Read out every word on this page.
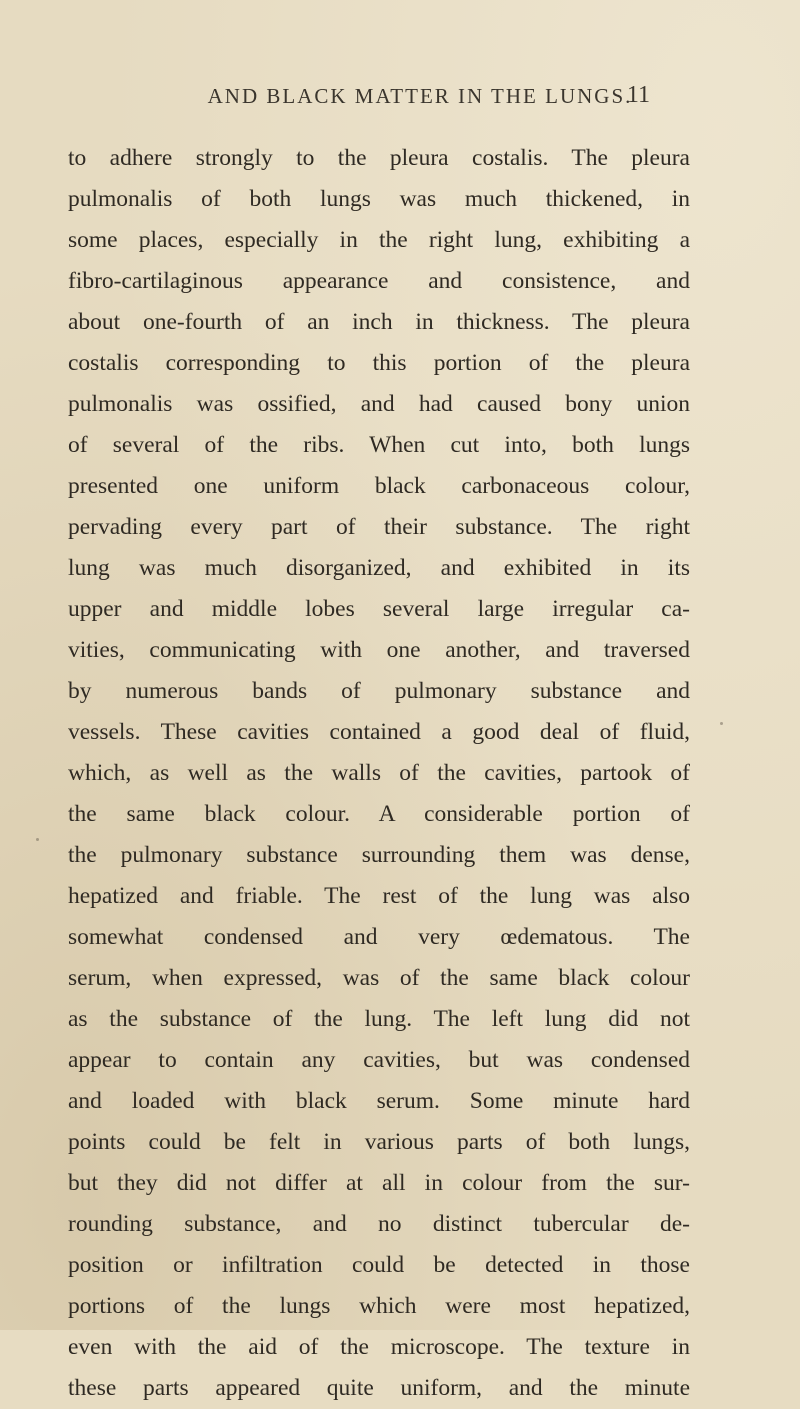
AND BLACK MATTER IN THE LUNGS.
11
to adhere strongly to the pleura costalis. The pleura
pulmonalis of both lungs was much thickened, in
some places, especially in the right lung, exhibiting a
fibro-cartilaginous appearance and consistence, and
about one-fourth of an inch in thickness. The pleura
costalis corresponding to this portion of the pleura
pulmonalis was ossified, and had caused bony union
of several of the ribs. When cut into, both lungs
presented one uniform black carbonaceous colour,
pervading every part of their substance. The right
lung was much disorganized, and exhibited in its
upper and middle lobes several large irregular ca-
vities, communicating with one another, and traversed
by numerous bands of pulmonary substance and
vessels. These cavities contained a good deal of fluid,
which, as well as the walls of the cavities, partook of
the same black colour. A considerable portion of
the pulmonary substance surrounding them was dense,
hepatized and friable. The rest of the lung was also
somewhat condensed and very œdematous. The
serum, when expressed, was of the same black colour
as the substance of the lung. The left lung did not
appear to contain any cavities, but was condensed
and loaded with black serum. Some minute hard
points could be felt in various parts of both lungs,
but they did not differ at all in colour from the sur-
rounding substance, and no distinct tubercular de-
position or infiltration could be detected in those
portions of the lungs which were most hepatized,
even with the aid of the microscope. The texture in
these parts appeared quite uniform, and the minute
